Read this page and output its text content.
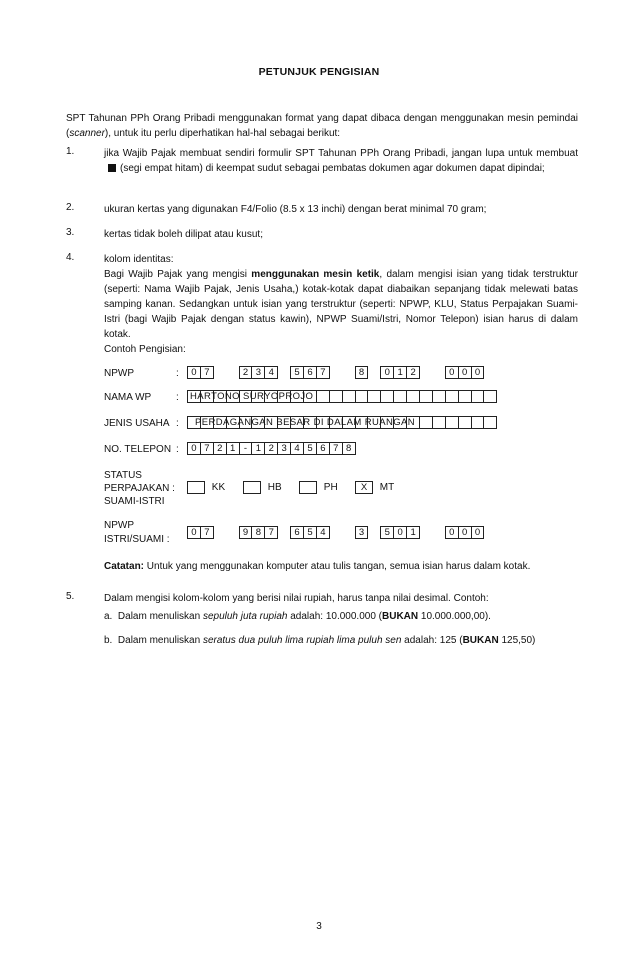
PETUNJUK PENGISIAN
SPT Tahunan PPh Orang Pribadi menggunakan format yang dapat dibaca dengan menggunakan mesin pemindai (scanner), untuk itu perlu diperhatikan hal-hal sebagai berikut:
1.	jika Wajib Pajak membuat sendiri formulir SPT Tahunan PPh Orang Pribadi, jangan lupa untuk membuat(segi empat hitam) di keempat sudut sebagai pembatas dokumen agar dokumen dapat dipindai;
2.	ukuran kertas yang digunakan F4/Folio (8.5 x 13 inchi) dengan berat minimal 70 gram;
3.	kertas tidak boleh dilipat atau kusut;
4.	kolom identitas:
Bagi Wajib Pajak yang mengisi menggunakan mesin ketik, dalam mengisi isian yang tidak terstruktur (seperti: Nama Wajib Pajak, Jenis Usaha,) kotak-kotak dapat diabaikan sepanjang tidak melewati batas samping kanan. Sedangkan untuk isian yang terstruktur (seperti: NPWP, KLU, Status Perpajakan Suami-Istri (bagi Wajib Pajak dengan status kawin), NPWP Suami/Istri, Nomor Telepon) isian harus di dalam kotak.
Contoh Pengisian:
NPWP	:	0 7	2 3 4	5 6 7	8	0 1 2	0 0 0
NAMA WP : HARTONO SURYOPROJO
JENIS USAHA : PERDAGANGAN BESAR DI DALAM RUANGAN
NO. TELEPON :	0 7 2 1 - 1 2 3 4 5 6 7 8
STATUS
PERPAJAKAN :
SUAMI-ISTRI
KK	HB	PH	X MT
NPWP
ISTRI/SUAMI :
0 7	9 8 7	6 5 4	3	5 0 1	0 0 0
Catatan: Untuk yang menggunakan komputer atau tulis tangan, semua isian harus dalam kotak.
5.	Dalam mengisi kolom-kolom yang berisi nilai rupiah, harus tanpa nilai desimal. Contoh:
a. Dalam menuliskan sepuluh juta rupiah adalah: 10.000.000 (BUKAN 10.000.000,00).
b. Dalam menuliskan seratus dua puluh lima rupiah lima puluh sen adalah: 125 (BUKAN 125,50)
3
